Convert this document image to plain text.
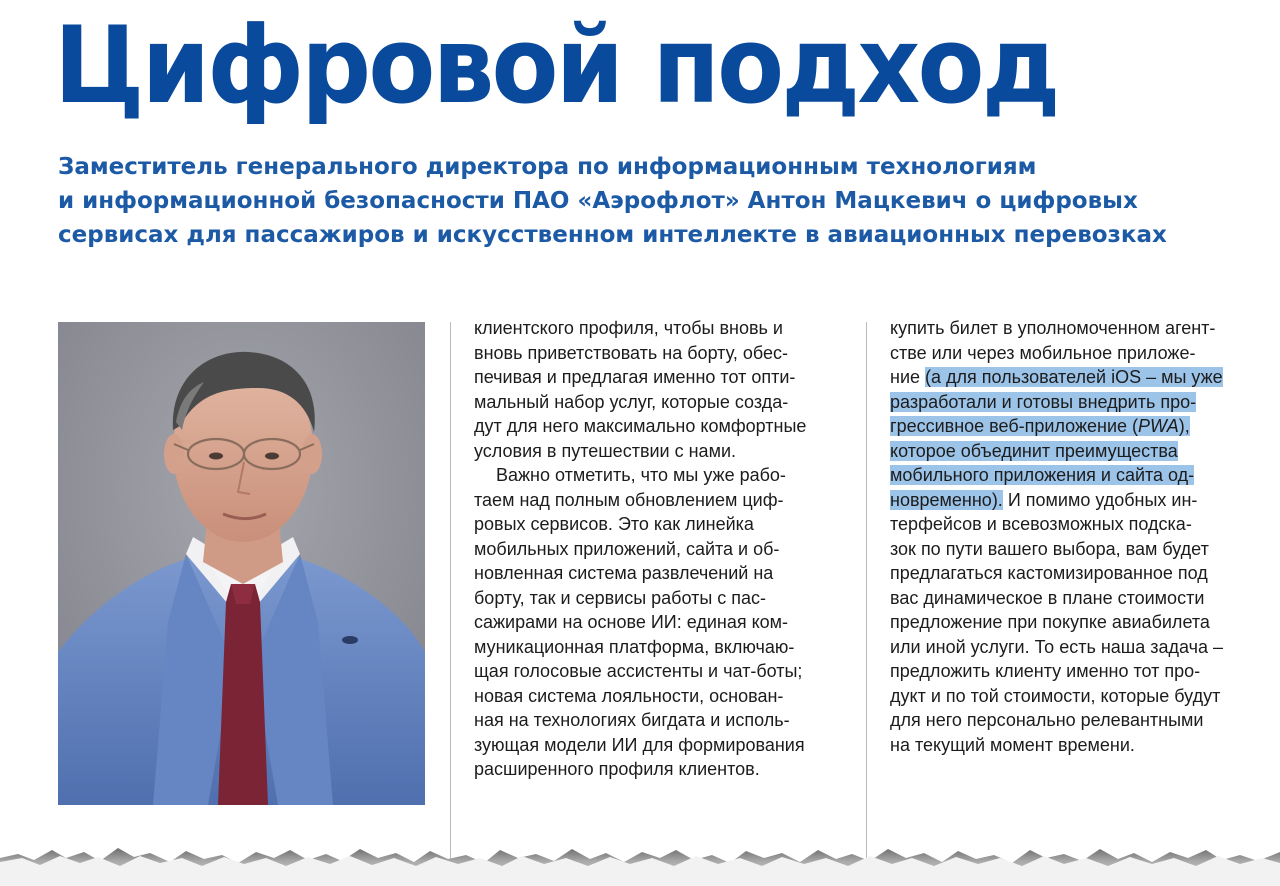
Цифровой подход

Заместитель генерального директора по информационным технологиям
и информационной безопасности ПАО «Аэрофлот» Антон Мацкевич о цифровых
сервисах для пассажиров и искусственном интеллекте в авиационных перевозках

клиентского профиля, чтобы вновь и
вновь приветствовать на борту, обес-
печивая и предлагая именно тот опти-
мальный набор услуг, которые созда-
дут для него максимально комфортные
условия в путешествии с нами.
Важно отметить, что мы уже рабо-
таем над полным обновлением циф-
ровых сервисов. Это как линейка
мобильных приложений, сайта и об-
новленная система развлечений на
борту, так и сервисы работы с пас-
сажирами на основе ИИ: единая ком-
муникационная платформа, включаю-
щая голосовые ассистенты и чат-боты;
новая система лояльности, основан-
ная на технологиях бигдата и исполь-
зующая модели ИИ для формирования
расширенного профиля клиентов.
купить билет в уполномоченном агент-
стве или через мобильное приложе-
ние (а для пользователей iOS – мы уже
разработали и готовы внедрить про-
грессивное веб-приложение (PWA),
которое объединит преимущества
мобильного приложения и сайта од-
новременно). И помимо удобных ин-
терфейсов и всевозможных подска-
зок по пути вашего выбора, вам будет
предлагаться кастомизированное под
вас динамическое в плане стоимости
предложение при покупке авиабилета
или иной услуги. То есть наша задача –
предложить клиенту именно тот про-
дукт и по той стоимости, которые будут
для него персонально релевантными
на текущий момент времени.
